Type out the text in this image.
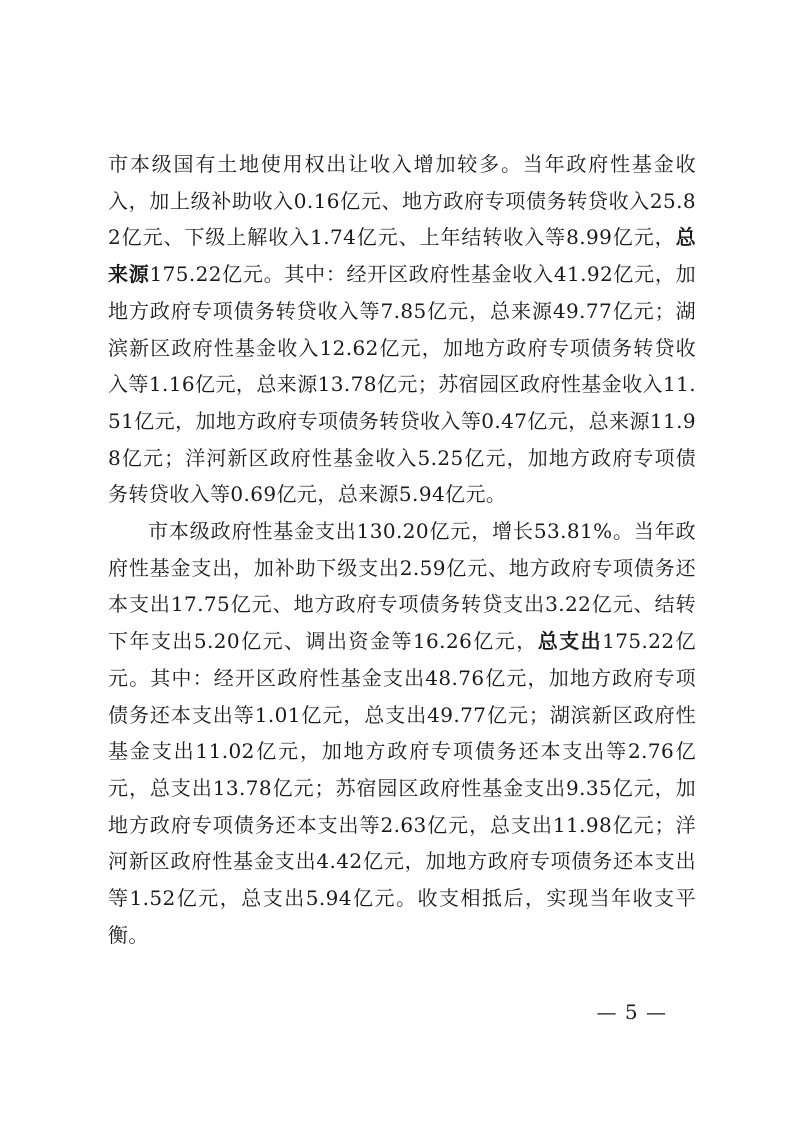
市本级国有土地使用权出让收入增加较多。当年政府性基金收入，加上级补助收入0.16亿元、地方政府专项债务转贷收入25.82亿元、下级上解收入1.74亿元、上年结转收入等8.99亿元，总来源175.22亿元。其中：经开区政府性基金收入41.92亿元，加地方政府专项债务转贷收入等7.85亿元，总来源49.77亿元；湖滨新区政府性基金收入12.62亿元，加地方政府专项债务转贷收入等1.16亿元，总来源13.78亿元；苏宿园区政府性基金收入11.51亿元，加地方政府专项债务转贷收入等0.47亿元，总来源11.98亿元；洋河新区政府性基金收入5.25亿元，加地方政府专项债务转贷收入等0.69亿元，总来源5.94亿元。

市本级政府性基金支出130.20亿元，增长53.81%。当年政府性基金支出，加补助下级支出2.59亿元、地方政府专项债务还本支出17.75亿元、地方政府专项债务转贷支出3.22亿元、结转下年支出5.20亿元、调出资金等16.26亿元，总支出175.22亿元。其中：经开区政府性基金支出48.76亿元，加地方政府专项债务还本支出等1.01亿元，总支出49.77亿元；湖滨新区政府性基金支出11.02亿元，加地方政府专项债务还本支出等2.76亿元，总支出13.78亿元；苏宿园区政府性基金支出9.35亿元，加地方政府专项债务还本支出等2.63亿元，总支出11.98亿元；洋河新区政府性基金支出4.42亿元，加地方政府专项债务还本支出等1.52亿元，总支出5.94亿元。收支相抵后，实现当年收支平衡。

— 5 —
